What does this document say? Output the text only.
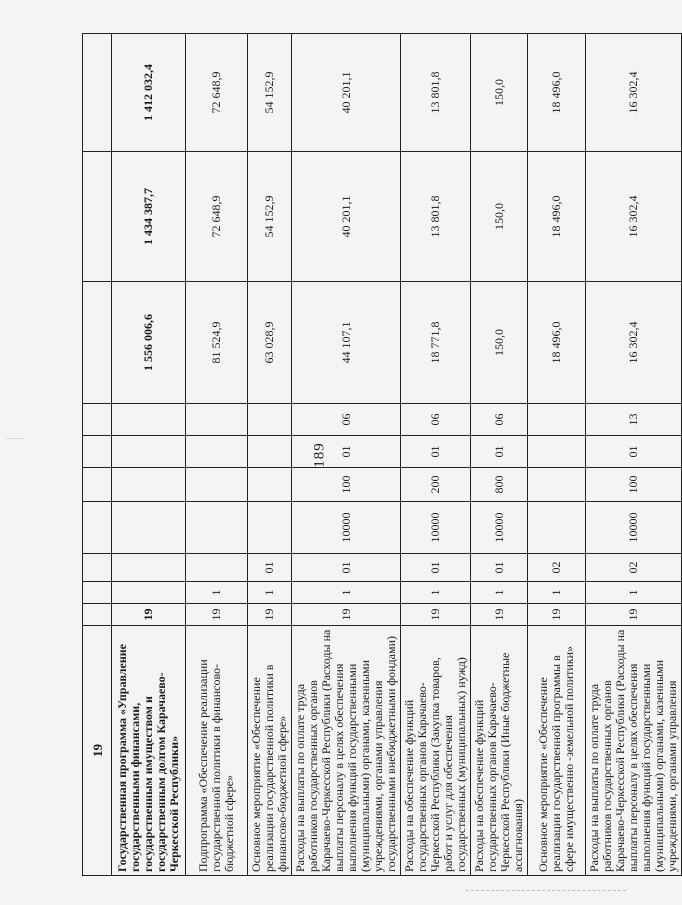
189
19										
Государственная программа «Управление государственными финансами, государственным имуществом и государственным долгом Карачаево-Черкесской Республики»	19							1 556 006,6	1 434 387,7	1 412 032,4
Подпрограмма «Обеспечение реализации государственной политики в финансово-бюджетной сфере»	19	1						81 524,9	72 648,9	72 648,9
Основное мероприятие «Обеспечение реализации государственной политики в финансово-бюджетной сфере»	19	1	01					63 028,9	54 152,9	54 152,9
Расходы на выплаты по оплате труда работников государственных органов Карачаево-Черкесской Республики (Расходы на выплаты персоналу в целях обеспечения выполнения функций государственными (муниципальными) органами, казенными учреждениями, органами управления государственными внебюджетными фондами)	19	1	01	10000	100	01	06	44 107,1	40 201,1	40 201,1
Расходы на обеспечение функций государственных органов Карачаево-Черкесской Республики (Закупка товаров, работ и услуг для обеспечения государственных (муниципальных) нужд)	19	1	01	10000	200	01	06	18 771,8	13 801,8	13 801,8
Расходы на обеспечение функций государственных органов Карачаево-Черкесской Республики (Иные бюджетные ассигнования)	19	1	01	10000	800	01	06	150,0	150,0	150,0
Основное мероприятие «Обеспечение реализации государственной программы в сфере имущественно -земельной политики»	19	1	02					18 496,0	18 496,0	18 496,0
Расходы на выплаты по оплате труда работников государственных органов Карачаево-Черкесской Республики (Расходы на выплаты персоналу в целях обеспечения выполнения функций государственными (муниципальными) органами, казенными учреждениями, органами управления	19	1	02	10000	100	01	13	16 302,4	16 302,4	16 302,4
